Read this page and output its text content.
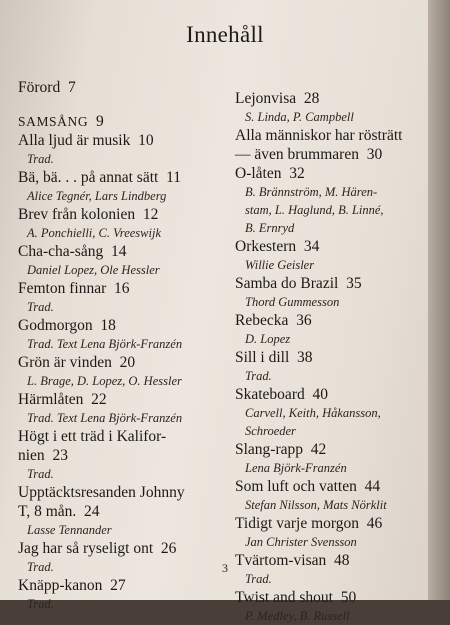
Innehåll
Förord 7
SAMSÅNG 9
Alla ljud är musik 10
Trad.
Bä, bä. . . på annat sätt 11
Alice Tegnér, Lars Lindberg
Brev från kolonien 12
A. Ponchielli, C. Vreeswijk
Cha-cha-sång 14
Daniel Lopez, Ole Hessler
Femton finnar 16
Trad.
Godmorgon 18
Trad. Text Lena Björk-Franzén
Grön är vinden 20
L. Brage, D. Lopez, O. Hessler
Härmlåten 22
Trad. Text Lena Björk-Franzén
Högt i ett träd i Kalifor-
nien 23
Trad.
Upptäcktsresanden Johnny
T, 8 mån. 24
Lasse Tennander
Jag har så ryseligt ont 26
Trad.
Knäpp-kanon 27
Trad.
Lejonvisa 28
S. Linda, P. Campbell
Alla människor har rösträtt
— även brummaren 30
O-låten 32
B. Brännström, M. Hären-
stam, L. Haglund, B. Linné,
B. Ernryd
Orkestern 34
Willie Geisler
Samba do Brazil 35
Thord Gummesson
Rebecka 36
D. Lopez
Sill i dill 38
Trad.
Skateboard 40
Carvell, Keith, Håkansson,
Schroeder
Slang-rapp 42
Lena Björk-Franzén
Som luft och vatten 44
Stefan Nilsson, Mats Nörklit
Tidigt varje morgon 46
Jan Christer Svensson
Tvärtom-visan 48
Trad.
Twist and shout 50
P. Medley, B. Russell
3
